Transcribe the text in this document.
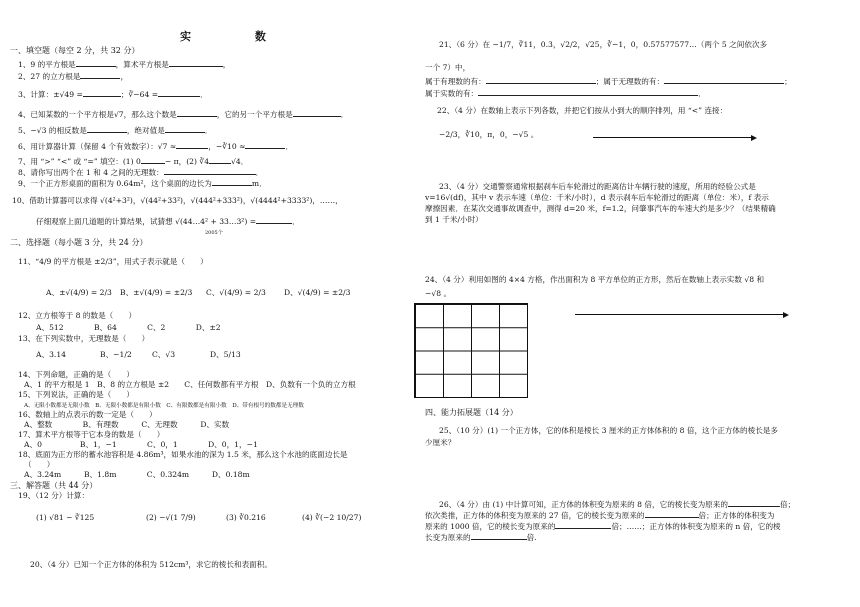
实 数
一、填空题（每空 2 分，共 32 分）
1、9 的平方根是	，算术平方根是	，
2、27 的立方根是	，
3、计算：±√49 =	；∛−64 =	．
4、已知某数的一个平方根是√7，那么这个数是	，它的另一个平方根是	．
5、−√3 的相反数是	，绝对值是	．
6、用计算器计算（保留 4 个有效数字）：√7 ≈	，−∛10 ≈	．
7、用 “>” “<” 或 “=” 填空：(1) 0	− π，(2) ∛4	√4．
8、请你写出两个在 1 和 4 之间的无理数：	．
9、一个正方形桌面的面积为 0.64m²，这个桌面的边长为	m．
10、借助计算器可以求得 √(4²+3²)，√(44²+33²)，√(444²+333²)，√(4444²+3333²)，……，
仔细观察上面几道题的计算结果，试猜想 √(44…4² + 33…3²) =	．
2005个
二、选择题（每小题 3 分，共 24 分）
11、“4/9 的平方根是 ±2/3”，用式子表示就是（　　）
A、±√(4/9) = 2/3 B、±√(4/9) = ±2/3 C、√(4/9) = 2/3 D、√(4/9) = ±2/3
12、立方根等于 8 的数是（　　）
A、512　　　　B、64　　　　C、2　　　　D、±2
13、在下列实数中，无理数是（　　）
A、3.14	B、−1/2	C、√3	D、5/13
14、下列命题，正确的是（　　）
A、1 的平方根是 1　B、8 的立方根是 ±2　　C、任何数都有平方根　D、负数有一个负的立方根
15、下列说法，正确的是（　　）
A、无限小数都是无限小数　B、无限小数都是有限小数　C、有限数都是有限小数　D、带有根号的数都是无理数
16、数轴上的点表示的数一定是（　　）
A、整数　　　　B、有理数　　　C、无理数　　　D、实数
17、算术平方根等于它本身的数是（　　）
A、0　　　　　B、1，−1　　　　C、0，1　　　　D、0，1，−1
18、底面为正方形的蓄水池容积是 4.86m³，如果水池的深为 1.5 米，那么这个水池的底面边长是
（　　）
A、3.24m　　　B、1.8m　　　　C、0.324m　　　D、0.18m
三、解答题（共 44 分）
19、（12 分）计算：
(1) √81 − ∛125	(2) −√(1 7/9)	(3) ∛0.216	(4) ∛(−2 10/27)
20、（4 分）已知一个正方体的体积为 512cm³，求它的棱长和表面积。
21、（6 分）在 −1/7，∛11，0.3，√2/2，√25，∛−1，0，0.57577577…（两个 5 之间依次多
一个 7）中，
属于有理数的有：	；属于无理数的有：	；
属于实数的有：	．
22、（4 分）在数轴上表示下列各数，并把它们按从小到大的顺序排列，用 “<” 连接：
−2/3，∛10，π，0，−√5 。
23、（4 分）交通警察通常根据刹车后车轮滑过的距离估计车辆行驶的速度，所用的经验公式是
v=16√(df)，其中 v 表示车速（单位：千米/小时），d 表示刹车后车轮滑过的距离（单位：米），f 表示
摩擦因素．在某次交通事故调查中，测得 d=20 米，f=1.2，问肇事汽车的车速大约是多少？（结果精确
到 1 千米/小时）
24、（4 分）利用如图的 4×4 方格，作出面积为 8 平方单位的正方形，然后在数轴上表示实数 √8 和
−√8 。
四、能力拓展题（14 分）
25、（10 分）(1) 一个正方体，它的体积是棱长 3 厘米的正方体体积的 8 倍，这个正方体的棱长是多
少厘米？
26、（4 分）由 (1) 中计算可知，正方体的体积变为原来的 8 倍，它的棱长变为原来的	倍；
依次类推，正方体的体积变为原来的 27 倍，它的棱长变为原来的	倍；正方体的体积变为
原来的 1000 倍，它的棱长变为原来的	倍；……；正方体的体积变为原来的 n 倍，它的棱
长变为原来的	倍.
